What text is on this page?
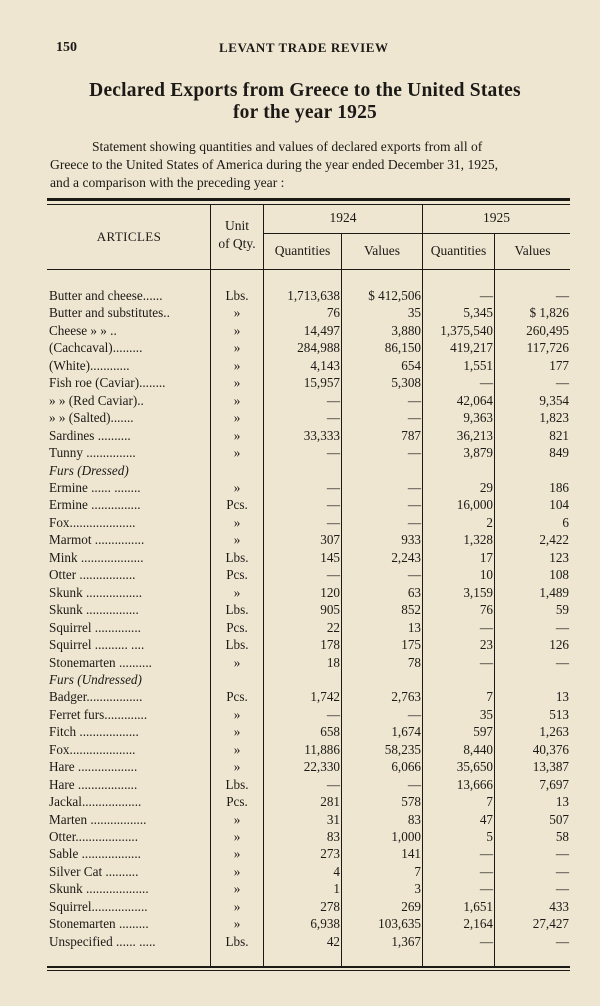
150	LEVANT TRADE REVIEW
Declared Exports from Greece to the United States
for the year 1925
Statement showing quantities and values of declared exports from all of
Greece to the United States of America during the year ended December 31, 1925,
and a comparison with the preceding year :
ARTICLES
Unit
of Qty.
1924	1925
Quantities	Values	Quantities	Values
Butter and cheese......	Lbs.	1,713,638	$ 412,506	—	—
Butter and substitutes..	»	76	35	5,345	$ 1,826
Cheese » » ..	»	14,497	3,880	1,375,540	260,495
(Cachcaval).........	»	284,988	86,150	419,217	117,726
(White)............	»	4,143	654	1,551	177
Fish roe (Caviar)........	»	15,957	5,308	—	—
» » (Red Caviar)..	»	—	—	42,064	9,354
» » (Salted).......	»	—	—	9,363	1,823
Sardines ..........	»	33,333	787	36,213	821
Tunny ...............	»	—	—	3,879	849
Furs (Dressed)
Ermine ...... ........	»	—	—	29	186
Ermine ...............	Pcs.	—	—	16,000	104
Fox....................	»	—	—	2	6
Marmot ...............	»	307	933	1,328	2,422
Mink ...................	Lbs.	145	2,243	17	123
Otter .................	Pcs.	—	—	10	108
Skunk .................	»	120	63	3,159	1,489
Skunk ................	Lbs.	905	852	76	59
Squirrel ..............	Pcs.	22	13	—	—
Squirrel .......... ....	Lbs.	178	175	23	126
Stonemarten ..........	»	18	78	—	—
Furs (Undressed)
Badger.................	Pcs.	1,742	2,763	7	13
Ferret furs.............	»	—	—	35	513
Fitch ..................	»	658	1,674	597	1,263
Fox....................	»	11,886	58,235	8,440	40,376
Hare ..................	»	22,330	6,066	35,650	13,387
Hare ..................	Lbs.	—	—	13,666	7,697
Jackal..................	Pcs.	281	578	7	13
Marten .................	»	31	83	47	507
Otter...................	»	83	1,000	5	58
Sable ..................	»	273	141	—	—
Silver Cat ..........	»	4	7	—	—
Skunk ...................	»	1	3	—	—
Squirrel.................	»	278	269	1,651	433
Stonemarten .........	»	6,938	103,635	2,164	27,427
Unspecified ...... .....	Lbs.	42	1,367	—	—
